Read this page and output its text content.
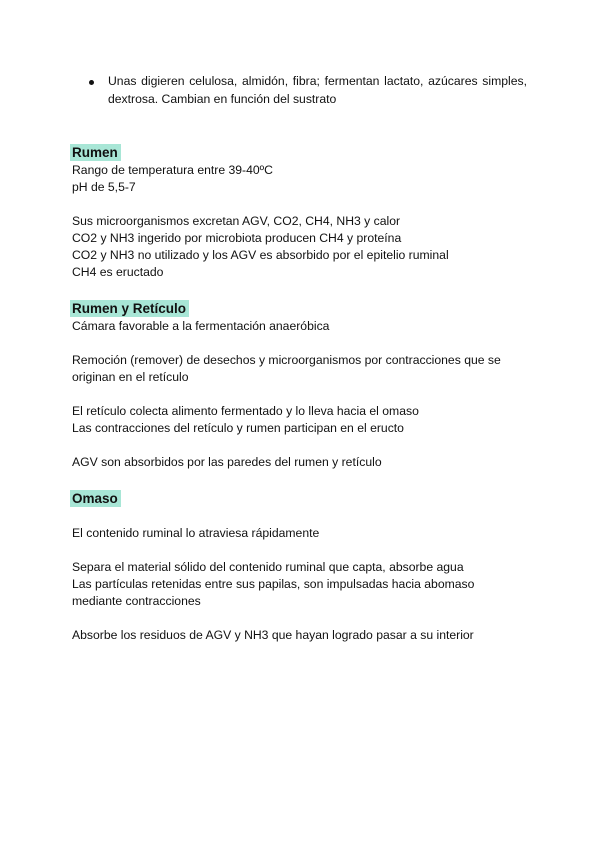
Unas digieren celulosa, almidón, fibra; fermentan lactato, azúcares simples, dextrosa. Cambian en función del sustrato
Rumen
Rango de temperatura entre 39-40ºC
pH de 5,5-7
Sus microorganismos excretan AGV, CO2, CH4, NH3 y calor
CO2 y NH3 ingerido por microbiota producen CH4 y proteína
CO2 y NH3 no utilizado y los AGV es absorbido por el epitelio ruminal
CH4 es eructado
Rumen y Retículo
Cámara favorable a la fermentación anaeróbica
Remoción (remover) de desechos y microorganismos por contracciones que se
originan en el retículo
El retículo colecta alimento fermentado y lo lleva hacia el omaso
Las contracciones del retículo y rumen participan en el eructo
AGV son absorbidos por las paredes del rumen y retículo
Omaso
El contenido ruminal lo atraviesa rápidamente
Separa el material sólido del contenido ruminal que capta, absorbe agua
Las partículas retenidas entre sus papilas, son impulsadas hacia abomaso
mediante contracciones
Absorbe los residuos de AGV y NH3 que hayan logrado pasar a su interior
